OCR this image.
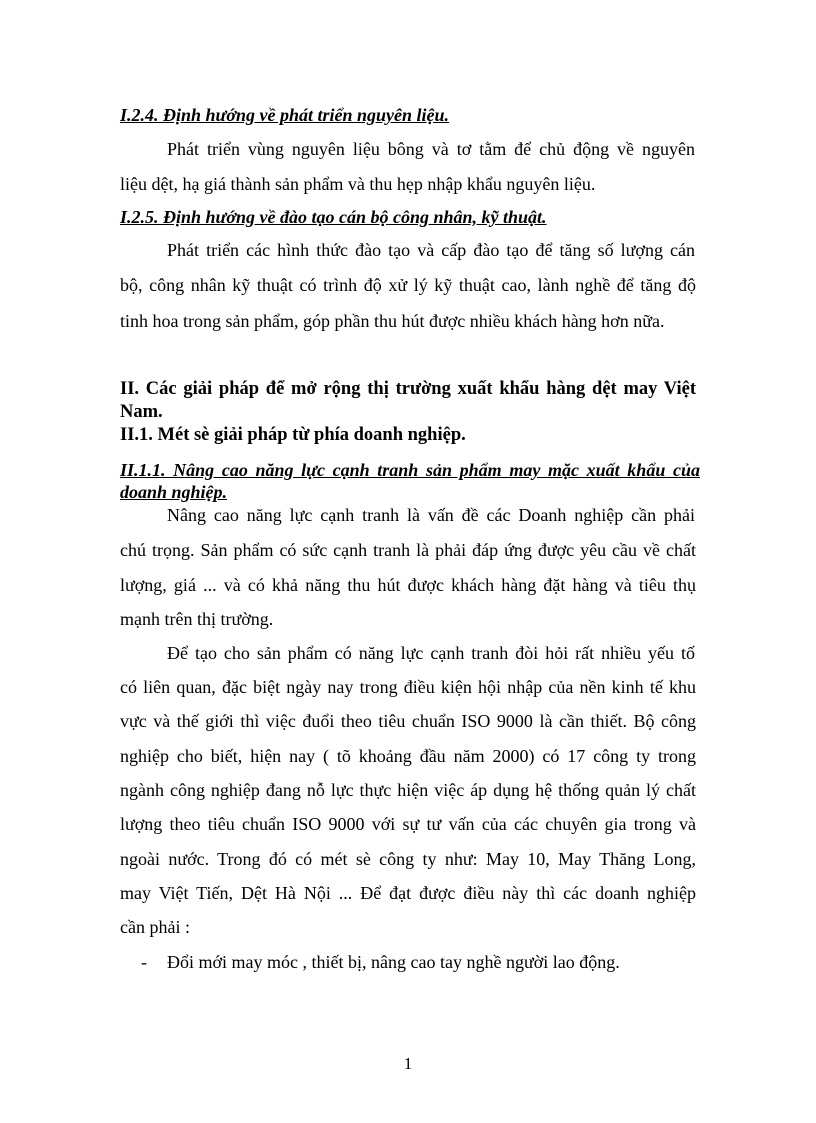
I.2.4. Định hướng về phát triển nguyên liệu.
Phát triển vùng nguyên liệu bông và tơ tằm để chủ động về nguyên
liệu dệt, hạ giá thành sản phẩm và thu hẹp nhập khẩu nguyên liệu.
I.2.5. Định hướng về đào tạo cán bộ công nhân, kỹ thuật.
Phát triển các hình thức đào tạo và cấp đào tạo để tăng số lượng cán
bộ, công nhân kỹ thuật có trình độ xử lý kỹ thuật cao, lành nghề để tăng độ
tinh hoa trong sản phẩm, góp phần thu hút được nhiều khách hàng hơn nữa.
II. Các giải pháp để mở rộng thị trường xuất khẩu hàng dệt may Việt
Nam.
II.1. Mét sè giải pháp từ phía doanh nghiệp.
II.1.1. Nâng cao năng lực cạnh tranh sản phẩm may mặc xuất khẩu của
doanh nghiệp.
Nâng cao năng lực cạnh tranh là vấn đề các Doanh nghiệp cần phải
chú trọng. Sản phẩm có sức cạnh tranh là phải đáp ứng được yêu cầu về chất
lượng, giá ... và có khả năng thu hút được khách hàng đặt hàng và tiêu thụ
mạnh trên thị trường.
Để tạo cho sản phẩm có năng lực cạnh tranh đòi hỏi rất nhiều yếu tố
có liên quan, đặc biệt ngày nay trong điều kiện hội nhập của nền kinh tế khu
vực và thế giới thì việc đuổi theo tiêu chuẩn ISO 9000 là cần thiết. Bộ công
nghiệp cho biết, hiện nay ( tõ khoảng đầu năm 2000) có 17 công ty trong
ngành công nghiệp đang nỗ lực thực hiện việc áp dụng hệ thống quản lý chất
lượng theo tiêu chuẩn ISO 9000 với sự tư vấn của các chuyên gia trong và
ngoài nước. Trong đó có mét sè công ty như: May 10, May Thăng Long,
may Việt Tiến, Dệt Hà Nội ... Để đạt được điều này thì các doanh nghiệp
cần phải :
- Đổi mới may móc , thiết bị, nâng cao tay nghề người lao động.
1
